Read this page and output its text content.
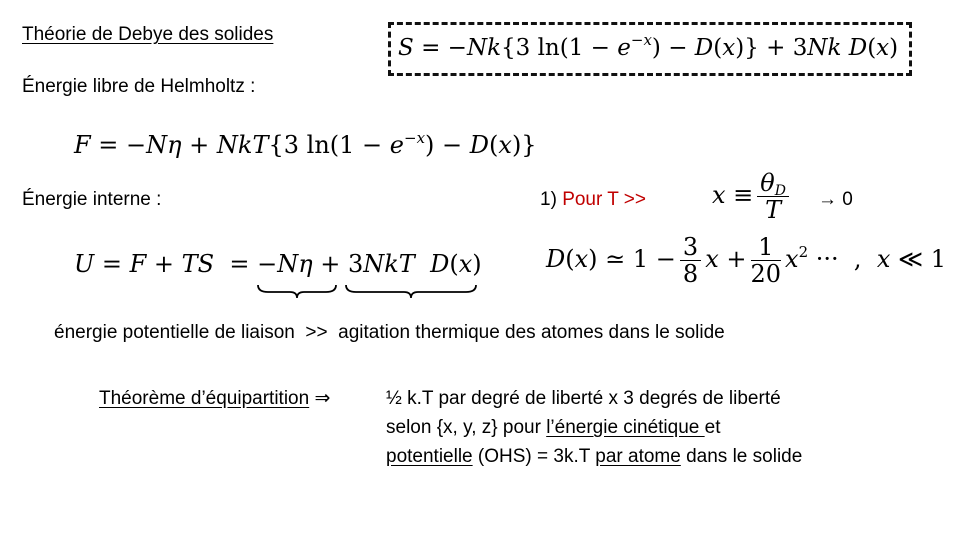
Théorie de Debye des solides
S = −Nk{3 $\ln(1 - e^{-x}) - D(x)\} + 3Nk$ D(x)
Énergie libre de Helmholtz :
F = −Nη + NkT{3 $\ln(1 - e^{-x}) - D(x)$}
Énergie interne :	1) Pour T >>	$x \equiv \frac{\theta_D}{T} \to 0$
U = F + TS  = −Nη + 3NkT D(x)	D(x) ≃ $1 - \frac{3}{8}$ $x + \frac{1}{20} x^2$ ···  ,  x ≪ 1
énergie potentielle de liaison >> agitation thermique des atomes dans le solide
Théorème d’équipartition ⇒	½ k.T par degré de liberté x 3 degrés de liberté
selon {x, y, z} pour l’énergie cinétique et
potentielle (OHS) = 3k.T par atome dans le solide
